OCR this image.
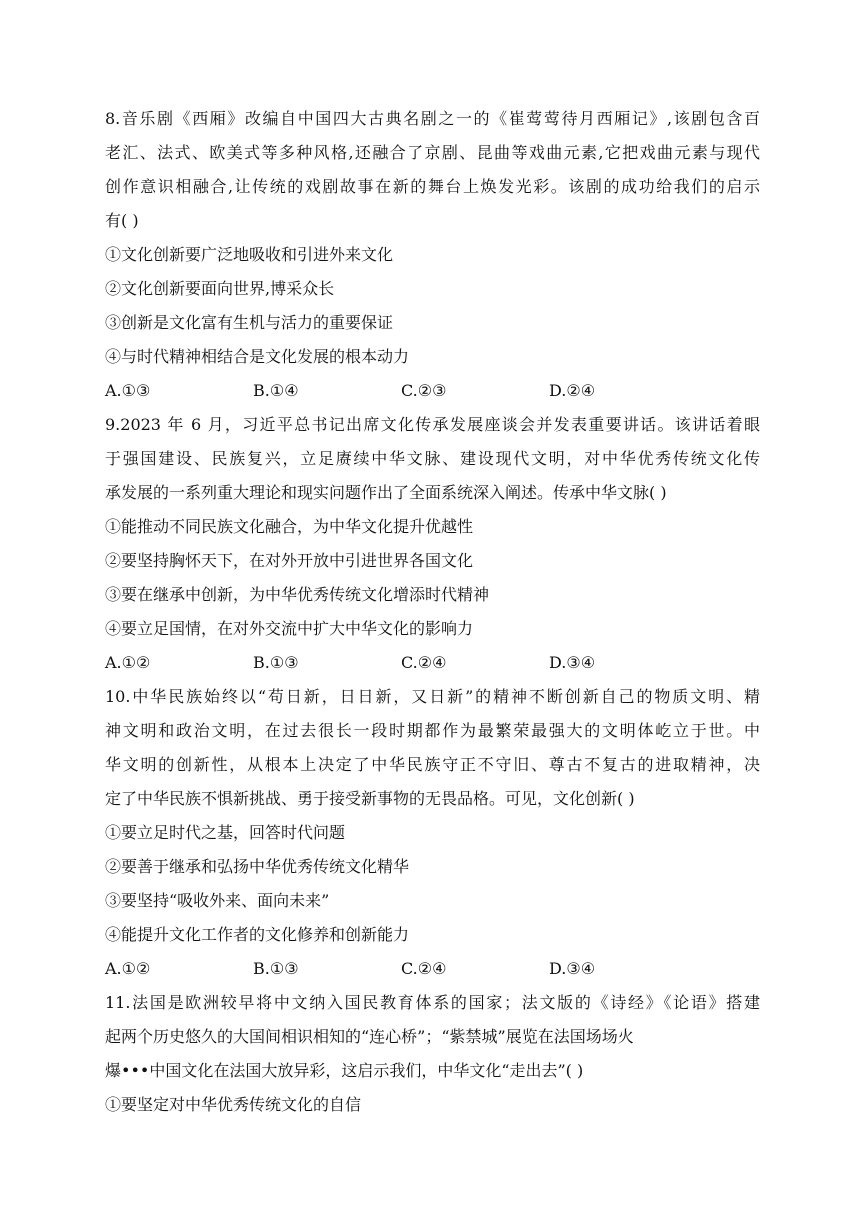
8.音乐剧《西厢》改编自中国四大古典名剧之一的《崔莺莺待月西厢记》,该剧包含百
老汇、法式、欧美式等多种风格,还融合了京剧、昆曲等戏曲元素,它把戏曲元素与现代
创作意识相融合,让传统的戏剧故事在新的舞台上焕发光彩。该剧的成功给我们的启示
有( )
①文化创新要广泛地吸收和引进外来文化
②文化创新要面向世界,博采众长
③创新是文化富有生机与活力的重要保证
④与时代精神相结合是文化发展的根本动力
A.①③	B.①④	C.②③	D.②④
9.2023 年 6 月，习近平总书记出席文化传承发展座谈会并发表重要讲话。该讲话着眼
于强国建设、民族复兴，立足赓续中华文脉、建设现代文明，对中华优秀传统文化传
承发展的一系列重大理论和现实问题作出了全面系统深入阐述。传承中华文脉( )
①能推动不同民族文化融合，为中华文化提升优越性
②要坚持胸怀天下，在对外开放中引进世界各国文化
③要在继承中创新，为中华优秀传统文化增添时代精神
④要立足国情，在对外交流中扩大中华文化的影响力
A.①②	B.①③	C.②④	D.③④
10.中华民族始终以“苟日新，日日新，又日新”的精神不断创新自己的物质文明、精
神文明和政治文明，在过去很长一段时期都作为最繁荣最强大的文明体屹立于世。中
华文明的创新性，从根本上决定了中华民族守正不守旧、尊古不复古的进取精神，决
定了中华民族不惧新挑战、勇于接受新事物的无畏品格。可见，文化创新( )
①要立足时代之基，回答时代问题
②要善于继承和弘扬中华优秀传统文化精华
③要坚持“吸收外来、面向未来”
④能提升文化工作者的文化修养和创新能力
A.①②	B.①③	C.②④	D.③④
11.法国是欧洲较早将中文纳入国民教育体系的国家；法文版的《诗经》《论语》搭建
起两个历史悠久的大国间相识相知的“连心桥”；“紫禁城”展览在法国场场火
爆•••中国文化在法国大放异彩，这启示我们，中华文化“走出去”( )
①要坚定对中华优秀传统文化的自信
